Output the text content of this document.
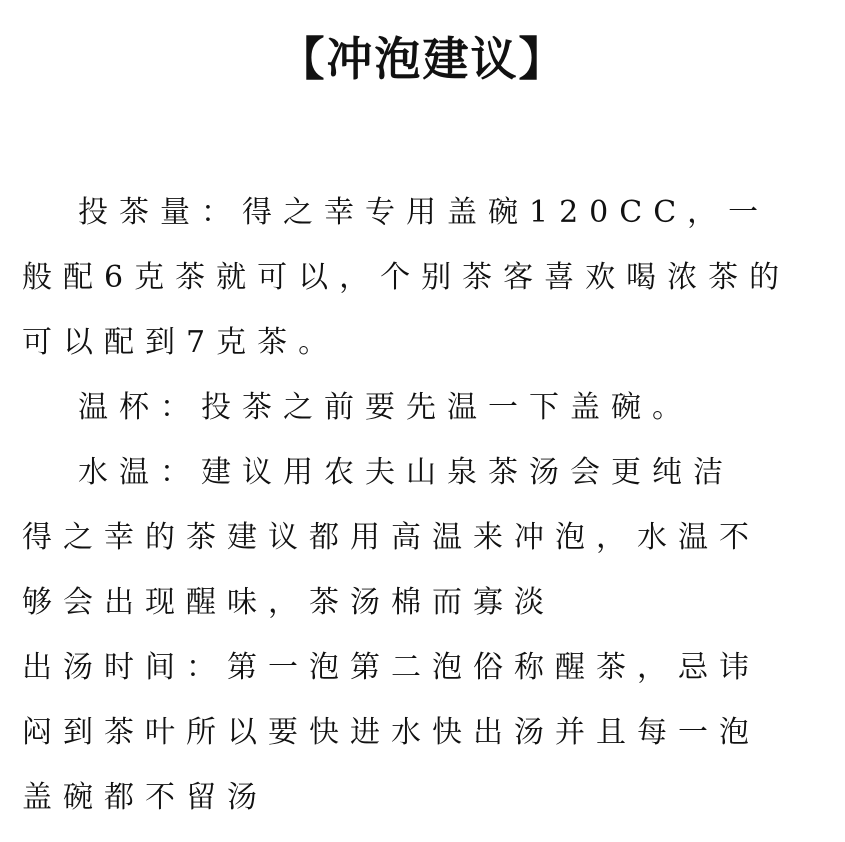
【冲泡建议】
投茶量：得之幸专用盖碗120CC，一
般配6克茶就可以，个别茶客喜欢喝浓茶的
可以配到7克茶。
温杯：投茶之前要先温一下盖碗。
水温：建议用农夫山泉茶汤会更纯洁
得之幸的茶建议都用高温来冲泡，水温不
够会出现醒味，茶汤棉而寡淡
出汤时间：第一泡第二泡俗称醒茶，忌讳
闷到茶叶所以要快进水快出汤并且每一泡
盖碗都不留汤
